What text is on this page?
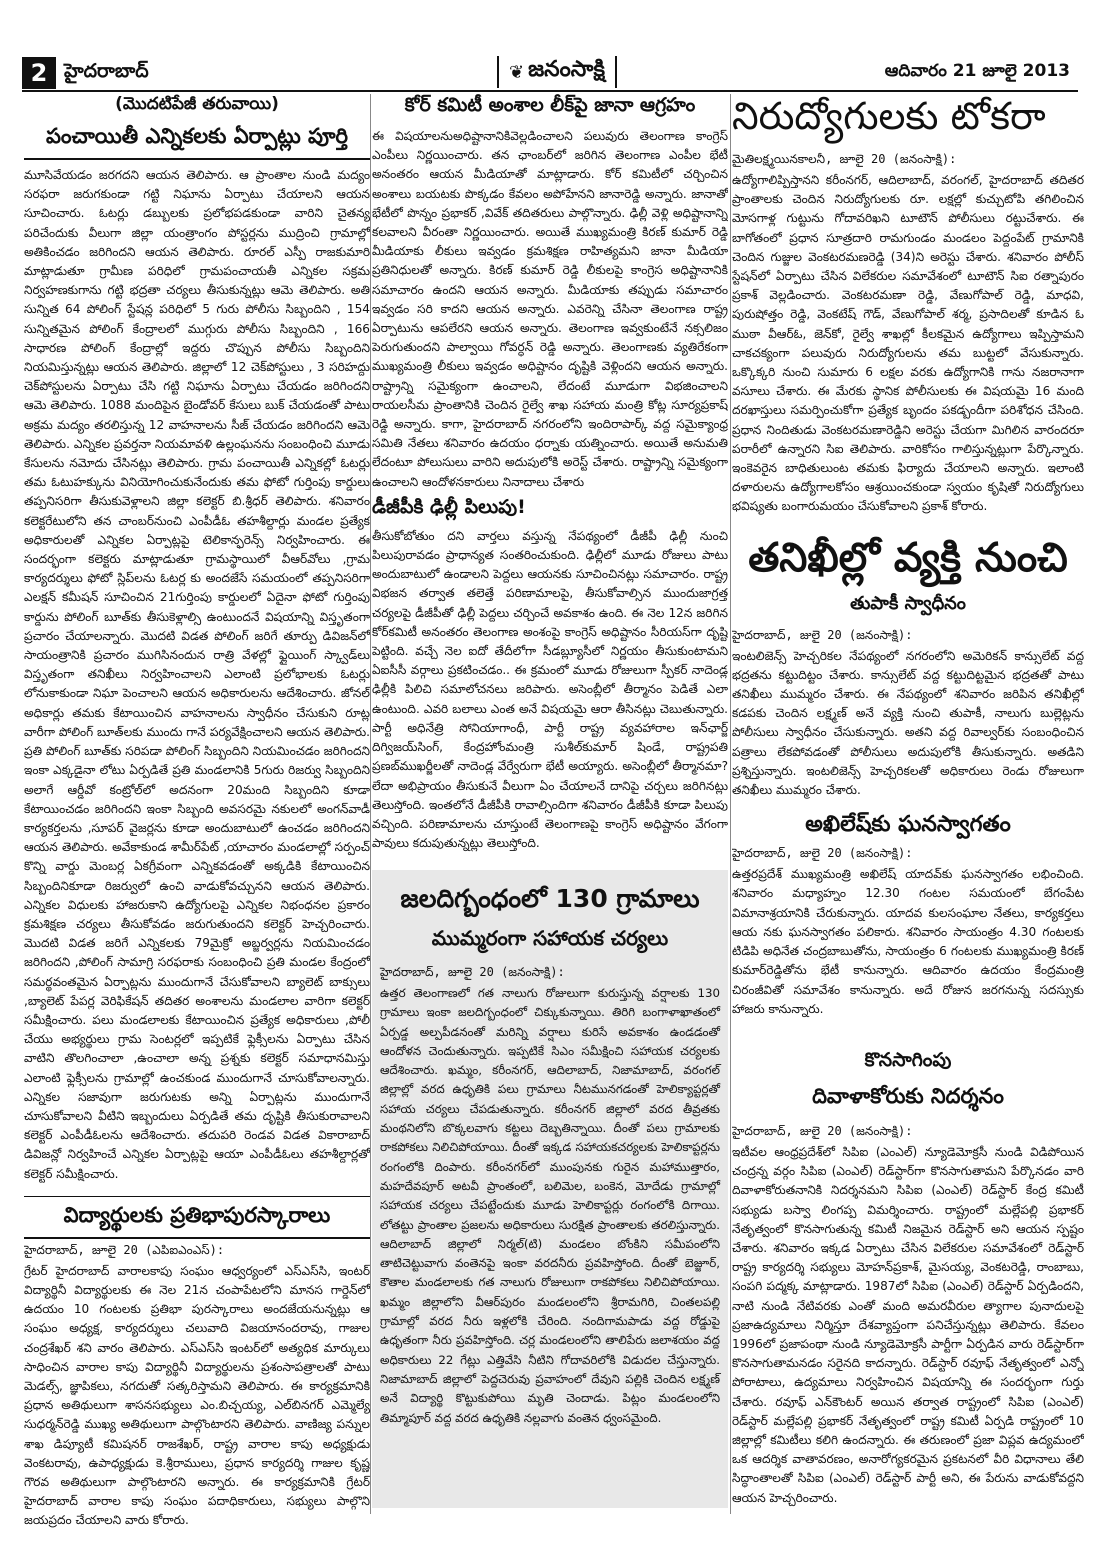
2 హైదరాబాద్	❦ జనంసాక్షి	ఆదివారం 21 జూలై 2013

(మొదటిపేజీ తరువాయి)

పంచాయితీ ఎన్నికలకు ఏర్పాట్లు పూర్తి

మూసివేయడం జరగదని ఆయన తెలిపారు. ఆ ప్రాంతాల నుండి మద్యం సరఫరా జరుగకుండా గట్టి నిఘాను ఏర్పాటు చేయాలని ఆయన సూచించారు. ఓటర్లు డబ్బులకు ప్రలోభపడకుండా వారిని చైతన్య పరిచేందుకు వీలుగా జిల్లా యంత్రాంగం పోస్టర్లను ముద్రించి గ్రామాల్లో అతికించడం జరిగిందని ఆయన తెలిపారు. రూరల్ ఎస్పీ రాజకుమారి మాట్లాడుతూ గ్రామీణ పరిధిలో గ్రామపంచాయతీ ఎన్నికల సక్రమ నిర్వహణకుగాను గట్టి భద్రతా చర్యలు తీసుకున్నట్లు ఆమె తెలిపారు. అతి సున్నిత 64 పోలింగ్ స్టేషన్ల పరిధిలో 5 గురు పోలీసు సిబ్బందిని , 154 సున్నితమైన పోలింగ్ కేంద్రాలలో ముగ్గురు పోలీసు సిబ్బందిని , 166 సాధారణ పోలింగ్ కేంద్రాల్లో ఇద్దరు చొప్పున పోలీసు సిబ్బందిని నియమిస్తున్నట్లు ఆయన తెలిపారు. జిల్లాలో 12 చెక్‌పోస్టులు , 3 సరిహద్దు చెక్‌పోస్టులను ఏర్పాటు చేసి గట్టి నిఘాను ఏర్పాటు చేయడం జరిగిందని ఆమె తెలిపారు. 1088 మందిపైన బైండోవర్ కేసులు బుక్ చేయడంతో పాటు అక్రమ మద్యం తరలిస్తున్న 12 వాహనాలను సీజ్ చేయడం జరిగిందని ఆమె తెలిపారు. ఎన్నికల ప్రవర్తనా నియమావళి ఉల్లంఘనను సంబంధించి మూడు కేసులను నమోదు చేసినట్లు తెలిపారు. గ్రామ పంచాయితీ ఎన్నికల్లో ఓటర్లు తమ ఓటుహక్కును వినియోగించుకునేందుకు తమ ఫోటో గుర్తింపు కార్డులు తప్పనిసరిగా తీసుకువెళ్లాలని జిల్లా కలెక్టర్ బి.శ్రీధర్ తెలిపారు. శనివారం కలెక్టరేటులోని తన చాంబర్‌నుంచి ఎంపీడీఓ తహశీల్దార్లు మండల ప్రత్యేక అధికారులతో ఎన్నికల ఏర్పాట్లపై టెలికాన్ఫరెన్స్ నిర్వహించారు. ఈ సందర్భంగా కలెక్టరు మాట్లాడుతూ గ్రామస్థాయిలో వీఆర్‌వోలు ,గ్రామ కార్యదర్శులు ఫోటో స్లిప్‌లను ఓటర్ల కు అందజేసే సమయంలో తప్పనిసరిగా ఎలక్షన్ కమీషన్ సూచించిన 21గుర్తింపు కార్డులలో ఏదైనా ఫోటో గుర్తింపు కార్డును పోలింగ్ బూత్‌కు తీసుకెళ్లాల్సి ఉంటుందనే విషయాన్ని విస్తృతంగా ప్రచారం చేయాలన్నారు. మొదటి విడత పోలింగ్ జరిగే తూర్పు డివిజన్‌లో సాయంత్రానికి ప్రచారం ముగిసినందున రాత్రి వేళల్లో ఫ్లైయింగ్ స్క్వాడ్‌లు విస్తృతంగా తనిఖీలు నిర్వహించాలని ఎలాంటి ప్రలోభాలకు ఓటర్లు లోనుకాకుండా నిఘా పెంచాలని ఆయన అధికారులను ఆదేశించారు. జోనల్ అధికార్లు తమకు కేటాయించిన వాహనాలను స్వాధీనం చేసుకుని రూట్ల వారీగా పోలింగ్ బూత్‌లకు ముందు గానే పర్యవేక్షించాలని ఆయన తెలిపారు. ప్రతి పోలింగ్ బూత్‌కు సరిపడా పోలింగ్ సిబ్బందిని నియమించడం జరిగిందని ఇంకా ఎక్కడైనా లోటు ఏర్పడితే ప్రతి మండలానికి 5గురు రిజర్వు సిబ్బందిని అలాగే ఆర్డీవో కంట్రోల్‌లో అదనంగా 20మంది సిబ్బందిని కూడా కేటాయించడం జరిగిందని ఇంకా సిబ్బంది అవసరమై నకులలో అంగన్‌వాడీ కార్యకర్తలను ,సూపర్ వైజర్లను కూడా అందుబాటులో ఉంచడం జరిగిందని ఆయన తెలిపారు. అవేకాకుండ శామీర్‌పేట్ ,యాచారం మండలాల్లో సర్పంచ్ కొన్ని వార్డు మెంబర్ల ఏకగ్రీవంగా ఎన్నికవడంతో అక్కడికి కేటాయించిన సిబ్బందినికూడా రిజర్వులో ఉంచి వాడుకోవచ్చునని ఆయన తెలిపారు. ఎన్నికల విధులకు హాజరుకాని ఉద్యోగులపై ఎన్నికల నిభంధనల ప్రకారం క్రమశిక్షణ చర్యలు తీసుకోవడం జరుగుతుందని కలెక్టర్ హెచ్చరించారు. మొదటి విడత జరిగే ఎన్నికలకు 79మైక్రో అబ్జర్వర్లను నియమించడం జరిగిందని ,పోలింగ్ సామాగ్రి సరఫరాకు సంబంధించి ప్రతి మండల కేంద్రంలో సమర్థవంతమైన ఏర్పాట్లను ముందుగానే చేసుకోవాలని బ్యాలెట్ బాక్సులు ,బ్యాలెట్ పేపర్ల వెరిఫికేషన్ తదితర అంశాలను మండలాల వారిగా కలెక్టర్ సమీక్షించారు. పలు మండలాలకు కేటాయించిన ప్రత్యేక అధికారులు ,పోలీ చేయు అభ్యర్థులు గ్రామ సెంటర్లలో ఇప్పటికే ఫ్లెక్సీలను ఏర్పాటు చేసిన వాటిని తొలగించాలా ,ఉంచాలా అన్న ప్రశ్నకు కలెక్టర్ సమాధానమిస్తు ఎలాంటి ఫ్లెక్సీలను గ్రామాల్లో ఉంచకుండ ముందుగానే చూసుకోవాలన్నారు. ఎన్నికల సజావుగా జరుగుటకు అన్ని ఏర్పాట్లను ముందుగానే చూసుకోవాలని వీటిని ఇబ్బందులు ఏర్పడితే తమ దృష్టికి తీసుకురావాలని కలెక్టర్ ఎంపీడీఓలను ఆదేశించారు. తదుపరి రెండవ విడత వికారాబాద్ డివిజన్లో నిర్వహించే ఎన్నికల ఏర్పాట్లపై ఆయా ఎంపీడీఓలు తహశీల్దార్లతో కలెక్టర్ సమీక్షించారు.

విద్యార్థులకు ప్రతిభాపురస్కారాలు

హైదరాబాద్, జూలై 20 (ఎపిఐఎంఎస్):

గ్రేటర్ హైదరాబాద్ వారాలకాపు సంఘం ఆధ్వర్యంలో ఎస్‌ఎస్‌సి, ఇంటర్ విద్యార్థినీ విద్యార్థులకు ఈ నెల 21న చంపాపేటలోని మానస గార్డెన్‌లో ఉదయం 10 గంటలకు ప్రతిభా పురస్కారాలు అందజేయనున్నట్లు ఆ సంఘం అధ్యక్ష, కార్యదర్శులు చలువాది విజయానందరావు, గాజుల చంద్రశేఖర్ శని వారం తెలిపారు. ఎస్‌ఎస్‌సి ఇంటర్‌లో అత్యధిక మార్కులు సాధించిన వారాల కాపు విద్యార్థినీ విద్యార్థులను ప్రశంసాపత్రాలతో పాటు మెడల్స్, జ్ఞాపికలు, నగదుతో సత్కరిస్తామని తెలిపారు. ఈ కార్యక్రమానికి ప్రధాన అతిథులుగా శాసనసభ్యులు ఎం.బిచ్చయ్య, ఎల్‌బినగర్ ఎమ్మెల్యే సుధర్మన్‌రెడ్డి ముఖ్య అతిథులుగా పాల్గొంటారని తెలిపారు. వాణిజ్య పన్నుల శాఖ డిప్యూటీ కమిషనర్ రాజశేఖర్, రాష్ట్ర వారాల కాపు అధ్యక్షుడు వెంకటరావు, ఉపాధ్యక్షుడు కె.శ్రీరాములు, ప్రధాన కార్యదర్శి గాజుల కృష్ణ గౌరవ అతిథులుగా పాల్గొంటారని అన్నారు. ఈ కార్యక్రమానికి గ్రేటర్ హైదరాబాద్ వారాల కాపు సంఘం పదాధికారులు, సభ్యులు పాల్గొని జయప్రదం చేయాలని వారు కోరారు.

కోర్ కమిటీ అంశాల లీక్‌పై జానా ఆగ్రహం

ఈ విషయాలనుఅధిష్టానానికివెల్లడించాలని పలువురు తెలంగాణ కాంగ్రెస్ ఎంపీలు నిర్ణయించారు. తన ఛాంబర్‌లో జరిగిన తెలంగాణ ఎంపీల భేటీ అనంతరం ఆయన మీడియాతో మాట్లాడారు. కోర్ కమిటీలో చర్చించిన అంశాలు బయటకు పొక్కడం కేవలం అపోహేనని జానారెడ్డి అన్నారు. జానాతో భేటీలో పొన్నం ప్రభాకర్ ,వివేక్ తదితరులు పాల్గొన్నారు. ఢిల్లీ వెళ్లి అధిష్టానాన్ని కలవాలని వీరంతా నిర్ణయించారు. అయితే ముఖ్యమంత్రి కిరణ్ కుమార్ రెడ్డి మీడియాకు లీకులు ఇవ్వడం క్రమశిక్షణ రాహిత్యమని జానా మీడియా ప్రతినిధులతో అన్నారు. కిరణ్ కుమార్ రెడ్డి లీకులపై కాంగ్రెస అధిష్టానానికి సమాచారం ఉందని ఆయన అన్నారు. మీడియాకు తప్పుడు సమాచారం ఇవ్వడం సరి కాదని ఆయన అన్నారు. ఎవరెన్ని చేసినా తెలంగాణ రాష్ట్ర ఏర్పాటును ఆపలేరని ఆయన అన్నారు. తెలంగాణ ఇవ్వకుంటేనే నక్సలిజం పెరుగుతుందని పాల్వాయి గోవర్ధన్ రెడ్డి అన్నారు. తెలంగాణకు వ్యతిరేకంగా ముఖ్యమంత్రి లీకులు ఇవ్వడం అధిష్టానం దృష్టికి వెళ్లిందని ఆయన అన్నారు. రాష్ట్రాన్ని సమైక్యంగా ఉంచాలని, లేదంటే మూడుగా విభజించాలని రాయలసీమ ప్రాంతానికి చెందిన రైల్వే శాఖ సహాయ మంత్రి కోట్ల సూర్యప్రకాష్ రెడ్డి అన్నారు. కాగా, హైదరాబాద్ నగరంలోని ఇందిరాపార్క్ వద్ద సమైక్యాంధ్ర సమితి నేతలు శనివారం ఉదయం ధర్నాకు యత్నించారు. అయితే అనుమతి లేదంటూ పోలుసులు వారిని అదుపులోకి అరెస్ట్ చేశారు. రాష్ట్రాన్ని సమైక్యంగా ఉంచాలని ఆందోళనకారులు నినాదాలు చేశారు

డీజీపీకి ఢిల్లీ పిలుపు!

తీసుకోబోతుం దని వార్తలు వస్తున్న నేపథ్యంలో డీజీపీ ఢిల్లీ నుంచి పిలుపురావడం ప్రాధాన్యత సంతరించుకుంది. ఢిల్లీలో మూడు రోజులు పాటు అందుబాటులో ఉండాలని పెద్దలు ఆయనకు సూచించినట్లు సమాచారం. రాష్ట్ర విభజన తర్వాత తలెత్తే పరిణామాలపై, తీసుకోవాల్సిన ముందుజాగ్రత్త చర్యలపై డీజీపీతో ఢిల్లీ పెద్దలు చర్చించే అవకాశం ఉంది. ఈ నెల 12న జరిగిన కోర్‌కమిటీ అనంతరం తెలంగాణ అంశంపై కాంగ్రెస్ అధిష్టానం సీరియస్‌గా దృష్టి పెట్టింది. వచ్చే నెల ఐదో తేదీలోగా సీడబ్ల్యూసీలో నిర్ణయం తీసుకుంటామని ఏఐసీసీ వర్గాలు ప్రకటించడం.. ఈ క్రమంలో మూడు రోజులుగా స్పీకర్ నాదెండ్ల ఢిల్లీకి పిలిచి సమాలోచనలు జరిపారు. అసెంబ్లీలో తీర్మానం పెడితే ఎలా ఉంటుంది. ఎవరి బలాలు ఎంత అనే విషయమై ఆరా తీసినట్లు చెబుతున్నారు. పార్టీ అధినేత్రి సోనియాగాంధీ, పార్టీ రాష్ట్ర వ్యవహారాల ఇన్‌ఛార్జ్ దిగ్విజయ్‌సింగ్, కేంద్రహోంమంత్రి సుశీల్‌కుమార్ షిండే, రాష్ట్రపతి ప్రణబ్‌ముఖర్జీలతో నాదెండ్ల వేర్వేరుగా భేటీ అయ్యారు. అసెంబ్లీలో తీర్మానమా? లేదా అభిప్రాయం తీసుకునే వీలుగా ఏం చేయాలనే దానిపై చర్చలు జరిగినట్లు తెలుస్తోంది. ఇంతలోనే డీజీపీకి రావాల్సిందిగా శనివారం డీజీపీకి కూడా పిలుపు వచ్చింది. పరిణామాలను చూస్తుంటే తెలంగాణపై కాంగ్రెస్ అధిష్టానం వేగంగా పావులు కదుపుతున్నట్లు తెలుస్తోంది.

జలదిగ్బంధంలో 130 గ్రామాలు

ముమ్మరంగా సహాయక చర్యలు

హైదరాబాద్, జూలై 20 (జనంసాక్షి):

ఉత్తర తెలంగాణలో గత నాలుగు రోజులుగా కురుస్తున్న వర్షాలకు 130 గ్రామాలు ఇంకా జలదిగ్బంధంలో చిక్కుకున్నాయి. తిరిగి బంగాళాఖాతంలో ఏర్పడ్డ అల్పపీడనంతో మరిన్ని వర్షాలు కురిసే అవకాశం ఉండడంతో ఆందోళన చెందుతున్నారు. ఇప్పటికే సిఎం సమీక్షించి సహాయక చర్యలకు ఆదేశించారు. ఖమ్మం, కరీంనగర్, ఆదిలాబాద్, నిజామాబాద్, వరంగల్ జిల్లాల్లో వరద ఉధృతికి పలు గ్రామాలు నీటమునగడంతో హెలిక్యాప్టర్లతో సహాయ చర్యలు చేపడుతున్నారు. కరీంనగర్ జిల్లాలో వరద తీవ్రతకు మంథనిలోని బొక్కలవాగు కట్టలు దెబ్బతిన్నాయి. దీంతో పలు గ్రామాలకు రాకపోకలు నిలిచిపోయాయి. దీంతో ఇక్కడ సహాయకచర్యలకు హెలికాప్టర్లను రంగంలోకి దింపారు. కరీంనగర్‌లో ముంపునకు గురైన మహాముత్తారం, మహదేవపూర్ అటవీ ప్రాంతంలో, బలిమెల, బంకెన, మోదేడు గ్రామాల్లో సహాయక చర్యలు చేపట్టేందుకు మూడు హెలికాప్టర్లు రంగంలోకి దిగాయి. లోతట్టు ప్రాంతాల ప్రజలను అధికారులు సురక్షిత ప్రాంతాలకు తరలిస్తున్నారు. ఆదిలాబాద్ జిల్లాలో నిర్మల్(టి) మండలం బోంకిని సమీపంలోని తాటిచెట్టువాగు వంతెనపై ఇంకా వరదనీరు ప్రవహిస్తోంది. దీంతో బెజ్జూర్, కౌతాల మండలాలకు గత నాలుగు రోజులుగా రాకపోకలు నిలిచిపోయాయి. ఖమ్మం జిల్లాలోని వీఆర్‌పురం మండలంలోని శ్రీరామగిరి, చింతలపల్లి గ్రామాల్లో వరద నీరు ఇళ్లలోకి చేరింది. నందిగామపాడు వద్ద రోడ్డుపై ఉధృతంగా నీరు ప్రవహిస్తోంది. చర్ల మండలంలోని తాలిపేరు జలాశయం వద్ద అధికారులు 22 గేట్లు ఎత్తివేసి నీటిని గోదావరిలోకి విడుదల చేస్తున్నారు. నిజామాబాద్ జిల్లాలో పెద్దచెరువు ప్రవాహంలో దేవుని పల్లికి చెందిన లక్ష్మణ్ అనే విద్యార్థి కొట్టుకుపోయి మృతి చెందాడు. పిట్లం మండలంలోని తిమ్మాపూర్ వద్ద వరద ఉధృతికి నల్లవాగు వంతెన ధ్వంసమైంది.

నిరుద్యోగులకు టోకరా

మైతిలక్ష్మయినకాలనీ, జూలై 20 (జనంసాక్షి):

ఉద్యోగాలిప్పిస్తానని కరీంనగర్, ఆదిలాబాద్, వరంగల్, హైదరాబాద్ తదితర ప్రాంతాలకు చెందిన నిరుద్యోగులకు రూ. లక్షల్లో కుచ్చుటోపి తగిలించిన మోసగాళ్ల గుట్టును గోదావరిఖని టూటౌన్ పోలీసులు రట్టుచేశారు. ఈ బాగోతంలో ప్రధాన సూత్రదారి రామగుండం మండలం పెద్దంపేట్ గ్రామానికి చెందిన గుజ్జుల వెంకటరమణరెడ్డి (34)ని అరెస్టు చేశారు. శనివారం పోలీస్ స్టేషన్‌లో ఏర్పాటు చేసిన విలేకరుల సమావేశంలో టూటౌన్ సిఐ రత్నాపురం ప్రకాశ్ వెల్లడించారు. వెంకటరమణా రెడ్డి, వేణుగోపాల్ రెడ్డి, మాధవి, పురుషోత్తం రెడ్డి, వెంకటేష్ గౌడ్, వేణుగోపాల్ శర్మ, ప్రసాదిలతో కూడిన ఓ ముఠా వీఆర్‌ఓ, జెన్‌కో, రైల్వే శాఖల్లో కీలకమైన ఉద్యోగాలు ఇప్పిస్తామని చాకచక్యంగా పలువురు నిరుద్యోగులను తమ బుట్టలో వేసుకున్నారు. ఒక్కొక్కరి నుంచి సుమారు 6 లక్షల వరకు ఉద్యోగానికి గాను నజరానాగా వసూలు చేశారు. ఈ మేరకు స్థానిక పోలీసులకు ఈ విషయమై 16 మంది దరఖాస్తులు సమర్పించుకోగా ప్రత్యేక బృందం పకడ్బందీగా పరిశోధన చేసింది. ప్రధాన నిందితుడు వెంకటరమణారెడ్డిని అరెస్టు చేయగా మిగిలిన వారందరూ పరారీలో ఉన్నారని సిఐ తెలిపారు. వారికోసం గాలిస్తున్నట్లుగా పేర్కొన్నారు. ఇంకెవరైన బాధితులుంట తమకు ఫిర్యాదు చేయాలని అన్నారు. ఇలాంటి దళారులను ఉద్యోగాలకోసం ఆశ్రయించకుండా స్వయం కృషితో నిరుద్యోగులు భవిష్యతు బంగారుమయం చేసుకోవాలని ప్రకాశ్ కోరారు.

తనిఖీల్లో వ్యక్తి నుంచి

తుపాకీ స్వాధీనం

హైదరాబాద్, జులై 20 (జనంసాక్షి):

ఇంటలిజెన్స్ హెచ్చరికల నేపథ్యంలో నగరంలోని అమెరికన్ కాన్సులేట్ వద్ద భద్రతను కట్టుదిట్టం చేశారు. కాన్సులేట్ వద్ద కట్టుదిట్టమైన భద్రతతో పాటు తనిఖీలు ముమ్మరం చేశారు. ఈ నేపథ్యంలో శనివారం జరిపిన తనిఖీల్లో కడపకు చెందిన లక్ష్మణ్ అనే వ్యక్తి నుంచి తుపాకీ, నాలుగు బుల్లెట్లను పోలీసులు స్వాధీనం చేసుకున్నారు. అతని వద్ద రివాల్వర్‌కు సంబంధించిన పత్రాలు లేకపోవడంతో పోలీసులు అదుపులోకి తీసుకున్నారు. అతడిని ప్రశ్నిస్తున్నారు. ఇంటలిజెన్స్ హెచ్చరికలతో అధికారులు రెండు రోజులుగా తనిఖీలు ముమ్మరం చేశారు.

అఖిలేష్‌కు ఘనస్వాగతం

హైదరాబాద్, జులై 20 (జనంసాక్షి):

ఉత్తరప్రదేశ్ ముఖ్యమంత్రి అఖిలేష్ యాదవ్‌కు ఘనస్వాగతం లభించింది. శనివారం మధ్యాహ్నం 12.30 గంటల సమయంలో బేగంపేట విమానాశ్రయానికి చేరుకున్నారు. యాదవ కులసంఘాల నేతలు, కార్యకర్తలు ఆయ నకు ఘనస్వాగతం పలికారు. శనివారం సాయంత్రం 4.30 గంటలకు టిడిపి అధినేత చంద్రబాబుతోను, సాయంత్రం 6 గంటలకు ముఖ్యమంత్రి కిరణ్ కుమార్‌రెడ్డితోను భేటీ కానున్నారు. ఆదివారం ఉదయం కేంద్రమంత్రి చిరంజీవితో సమావేశం కానున్నారు. అదే రోజున జరగనున్న సదస్సుకు హాజరు కానున్నారు.

కొనసాగింపు

దివాళాకోరుకు నిదర్శనం

హైదరాబాద్, జులై 20 (జనంసాక్షి):

ఇటీవల ఆంధ్రప్రదేశ్‌లో సిపిఐ (ఎంఎల్) న్యూడెమోక్రసీ నుండి విడిపోయిన చంద్రన్న వర్గం సిపిఐ (ఎంఎల్) రెడ్‌స్టార్‌గా కొనసాగుతామని పేర్కొనడం వారి దివాళాకోరుతనానికి నిదర్శనమని సిపిఐ (ఎంఎల్) రెడ్‌స్టార్ కేంద్ర కమిటీ సభ్యుడు బస్వా లింగప్ప విమర్శించారు. రాష్ట్రంలో మల్లేపల్లి ప్రభాకర్ నేతృత్వంలో కొనసాగుతున్న కమిటీ నిజమైన రెడ్‌స్టార్ అని ఆయన స్పష్టం చేశారు. శనివారం ఇక్కడ ఏర్పాటు చేసిన విలేకరుల సమావేశంలో రెడ్‌స్టార్ రాష్ట్ర కార్యదర్శి సభ్యులు మోహన్‌ప్రకాశ్, మైసయ్య, వెంకటరెడ్డి, రాంబాబు, సంపగి పద్మక్క మాట్లాడారు. 1987లో సిపిఐ (ఎంఎల్) రెడ్‌స్టార్ ఏర్పడిందని, నాటి నుండి నేటివరకు ఎంతో మంది అమరవీరుల త్యాగాల పునాదులపై ప్రజాఉద్యమాలు నిర్మిస్తూ దేశవ్యాప్తంగా పనిచేస్తున్నట్లు తెలిపారు. కేవలం 1996లో ప్రజాపంథా నుండి న్యూడెమోక్రసీ పార్టీగా ఏర్పడిన వారు రెడ్‌స్టార్‌గా కొనసాగుతామనడం సరైనది కాదన్నారు. రెడ్‌స్టార్ రవూఫ్ నేతృత్వంలో ఎన్నో పోరాటాలు, ఉద్యమాలు నిర్వహించిన విషయాన్ని ఈ సందర్భంగా గుర్తు చేశారు. రవూఫ్ ఎన్‌కౌంటర్ అయిన తర్వాత రాష్ట్రంలో సిపిఐ (ఎంఎల్) రెడ్‌స్టార్ మల్లేపల్లి ప్రభాకర్ నేతృత్వంలో రాష్ట్ర కమిటీ ఏర్పడి రాష్ట్రంలో 10 జిల్లాల్లో కమిటీలు కలిగి ఉందన్నారు. ఈ తరుణంలో ప్రజా విప్లవ ఉద్యమంలో ఒక ఆదర్శిక వాతావరణం, అనారోగ్యకరమైన ప్రకటనలో వీరి విధానాలు తేలి సిద్ధాంతాలతో సిపిఐ (ఎంఎల్) రెడ్‌స్టార్ పార్టీ అని, ఈ పేరును వాడుకోవద్దని ఆయన హెచ్చరించారు.
